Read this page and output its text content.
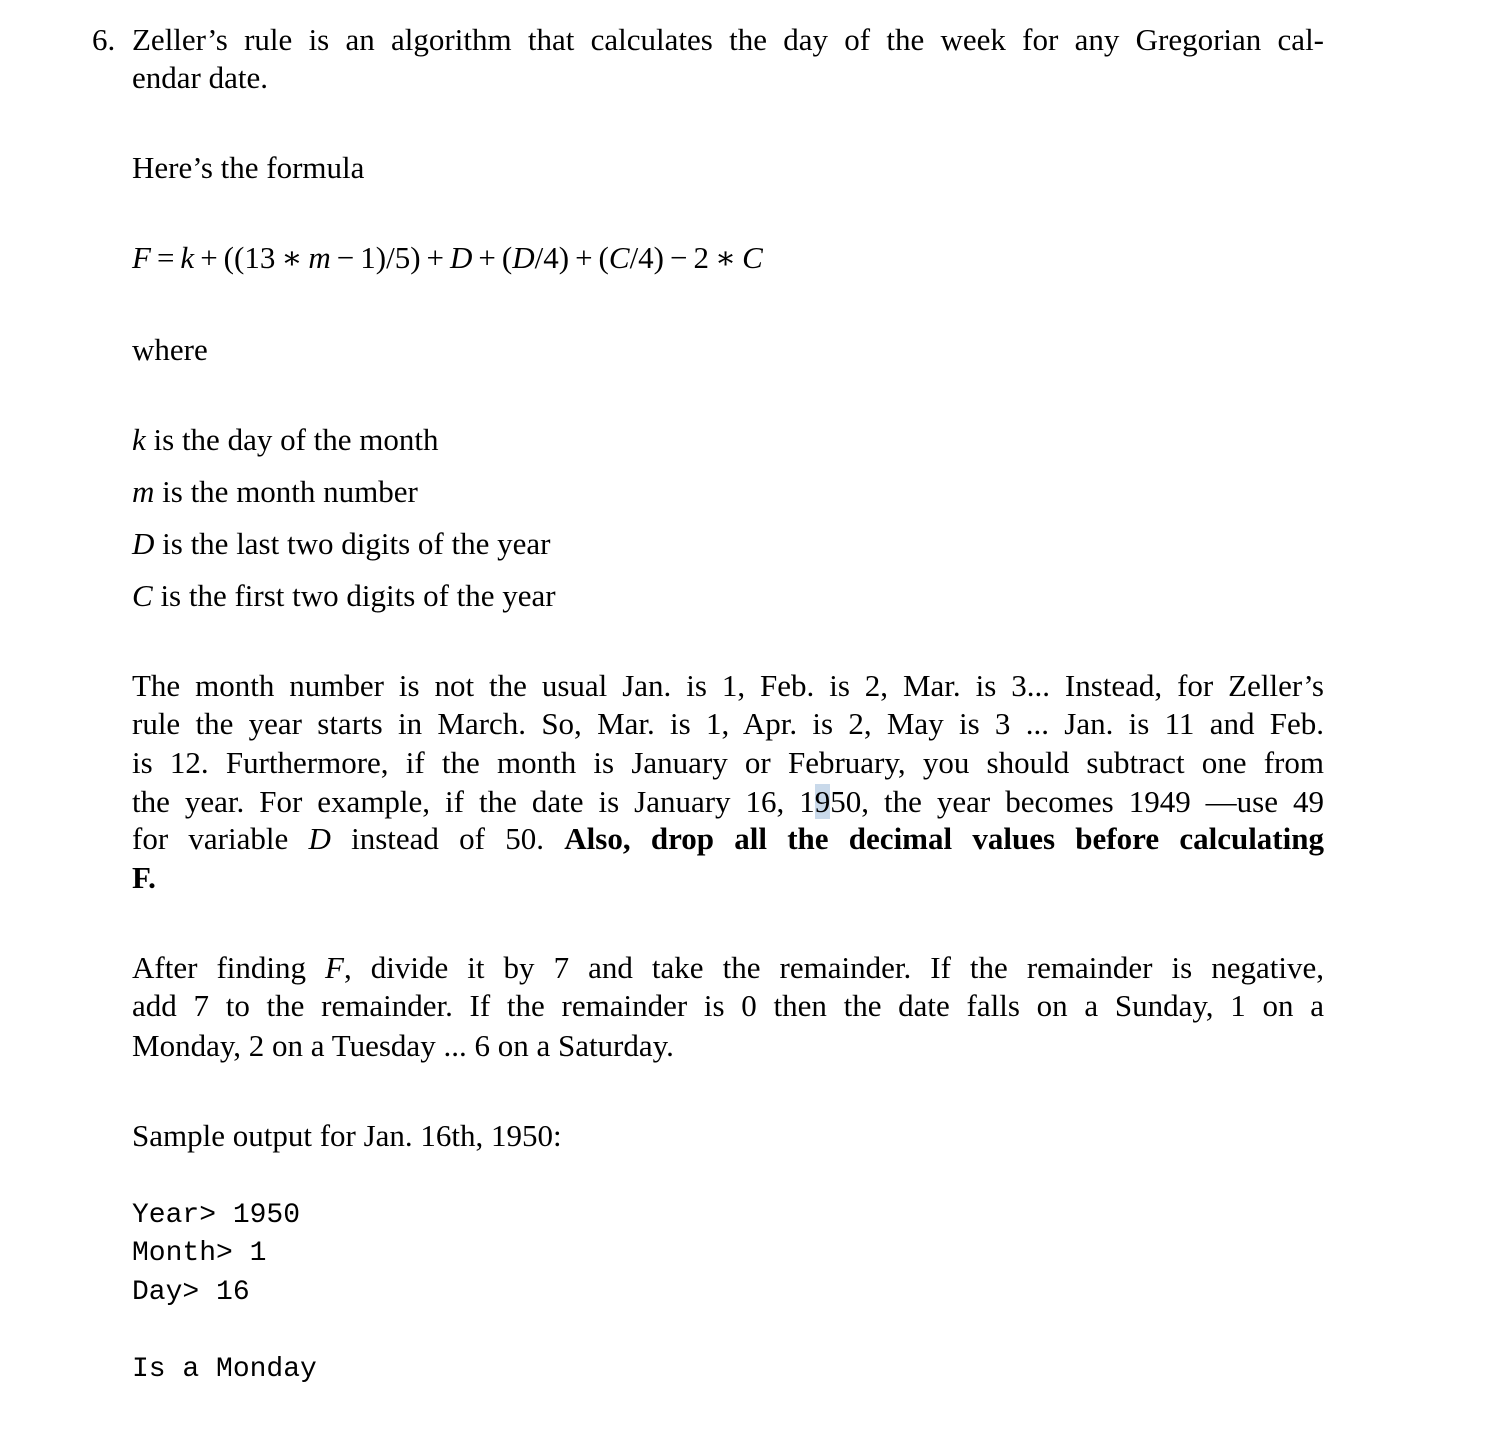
6. Zeller’s rule is an algorithm that calculates the day of the week for any Gregorian cal-
endar date.
Here’s the formula
F = k + ((13 ∗ m − 1)/5) + D + (D/4) + (C/4) − 2 ∗ C
where
k is the day of the month
m is the month number
D is the last two digits of the year
C is the first two digits of the year
The month number is not the usual Jan. is 1, Feb. is 2, Mar. is 3... Instead, for Zeller’s
rule the year starts in March. So, Mar. is 1, Apr. is 2, May is 3 ... Jan. is 11 and Feb.
is 12. Furthermore, if the month is January or February, you should subtract one from
the year. For example, if the date is January 16, 1950, the year becomes 1949 —use 49
for variable D instead of 50. Also, drop all the decimal values before calculating
F.
After finding F, divide it by 7 and take the remainder. If the remainder is negative,
add 7 to the remainder. If the remainder is 0 then the date falls on a Sunday, 1 on a
Monday, 2 on a Tuesday ... 6 on a Saturday.
Sample output for Jan. 16th, 1950:
Year> 1950
Month> 1
Day> 16
Is a Monday
